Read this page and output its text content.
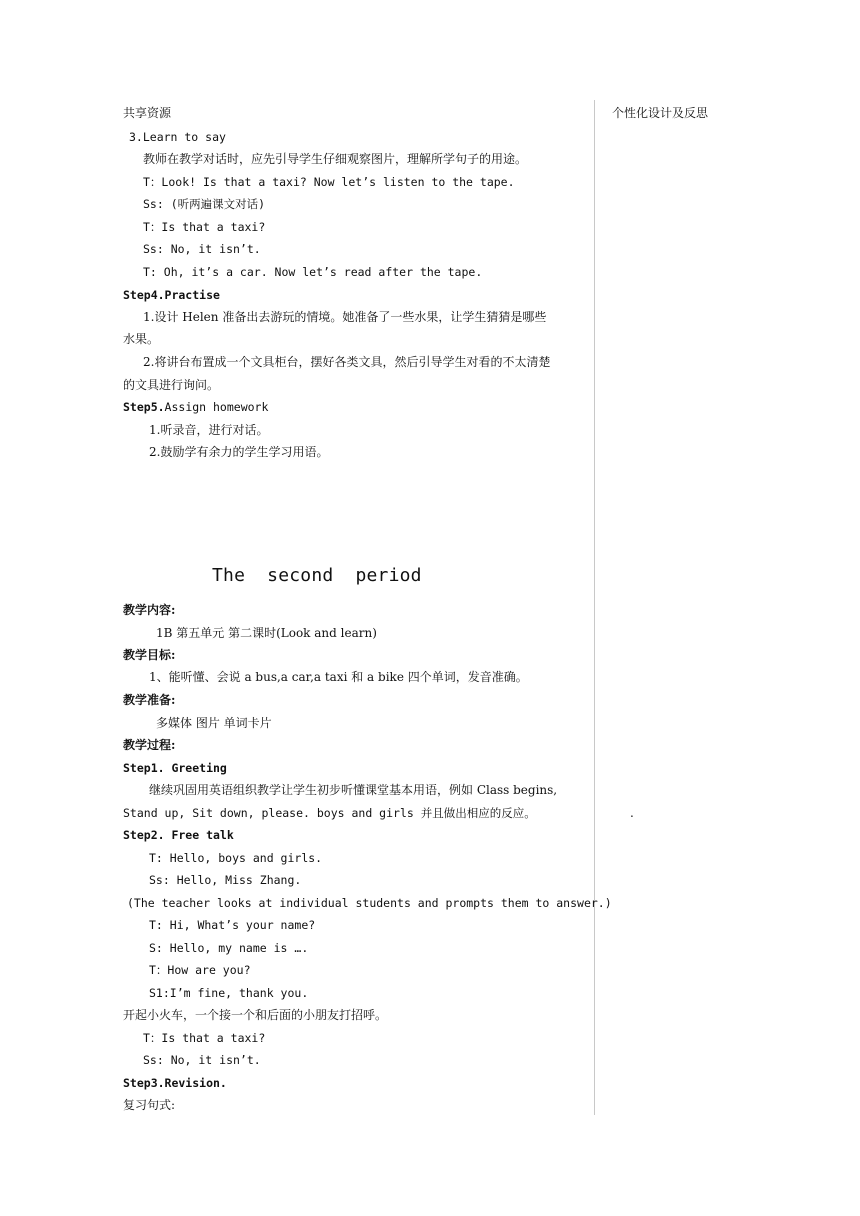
个性化设计及反思
.
共享资源
3.Learn to say
教师在教学对话时，应先引导学生仔细观察图片，理解所学句子的用途。
T：Look! Is that a taxi? Now let’s listen to the tape.
Ss: (听两遍课文对话)
T：Is that a taxi?
Ss: No, it isn’t.
T: Oh, it’s a car. Now let’s read after the tape.
Step4.Practise
1.设计 Helen 准备出去游玩的情境。她准备了一些水果，让学生猜猜是哪些
水果。
2.将讲台布置成一个文具柜台，摆好各类文具，然后引导学生对看的不太清楚
的文具进行询问。
Step5.Assign homework
1.听录音，进行对话。
2.鼓励学有余力的学生学习用语。
The  second  period
教学内容:
1B 第五单元 第二课时(Look and learn)
教学目标:
1、能听懂、会说 a bus,a car,a taxi 和 a bike 四个单词，发音准确。
教学准备:
多媒体 图片 单词卡片
教学过程:
Step1. Greeting
继续巩固用英语组织教学让学生初步听懂课堂基本用语，例如 Class begins,
Stand up, Sit down, please. boys and girls 并且做出相应的反应。
Step2. Free talk
T: Hello, boys and girls.
Ss: Hello, Miss Zhang.
(The teacher looks at individual students and prompts them to answer.)
T: Hi, What’s your name?
S: Hello, my name is ….
T：How are you?
S1:I’m fine, thank you.
开起小火车，一个接一个和后面的小朋友打招呼。
T：Is that a taxi?
Ss: No, it isn’t.
Step3.Revision.
复习句式:
